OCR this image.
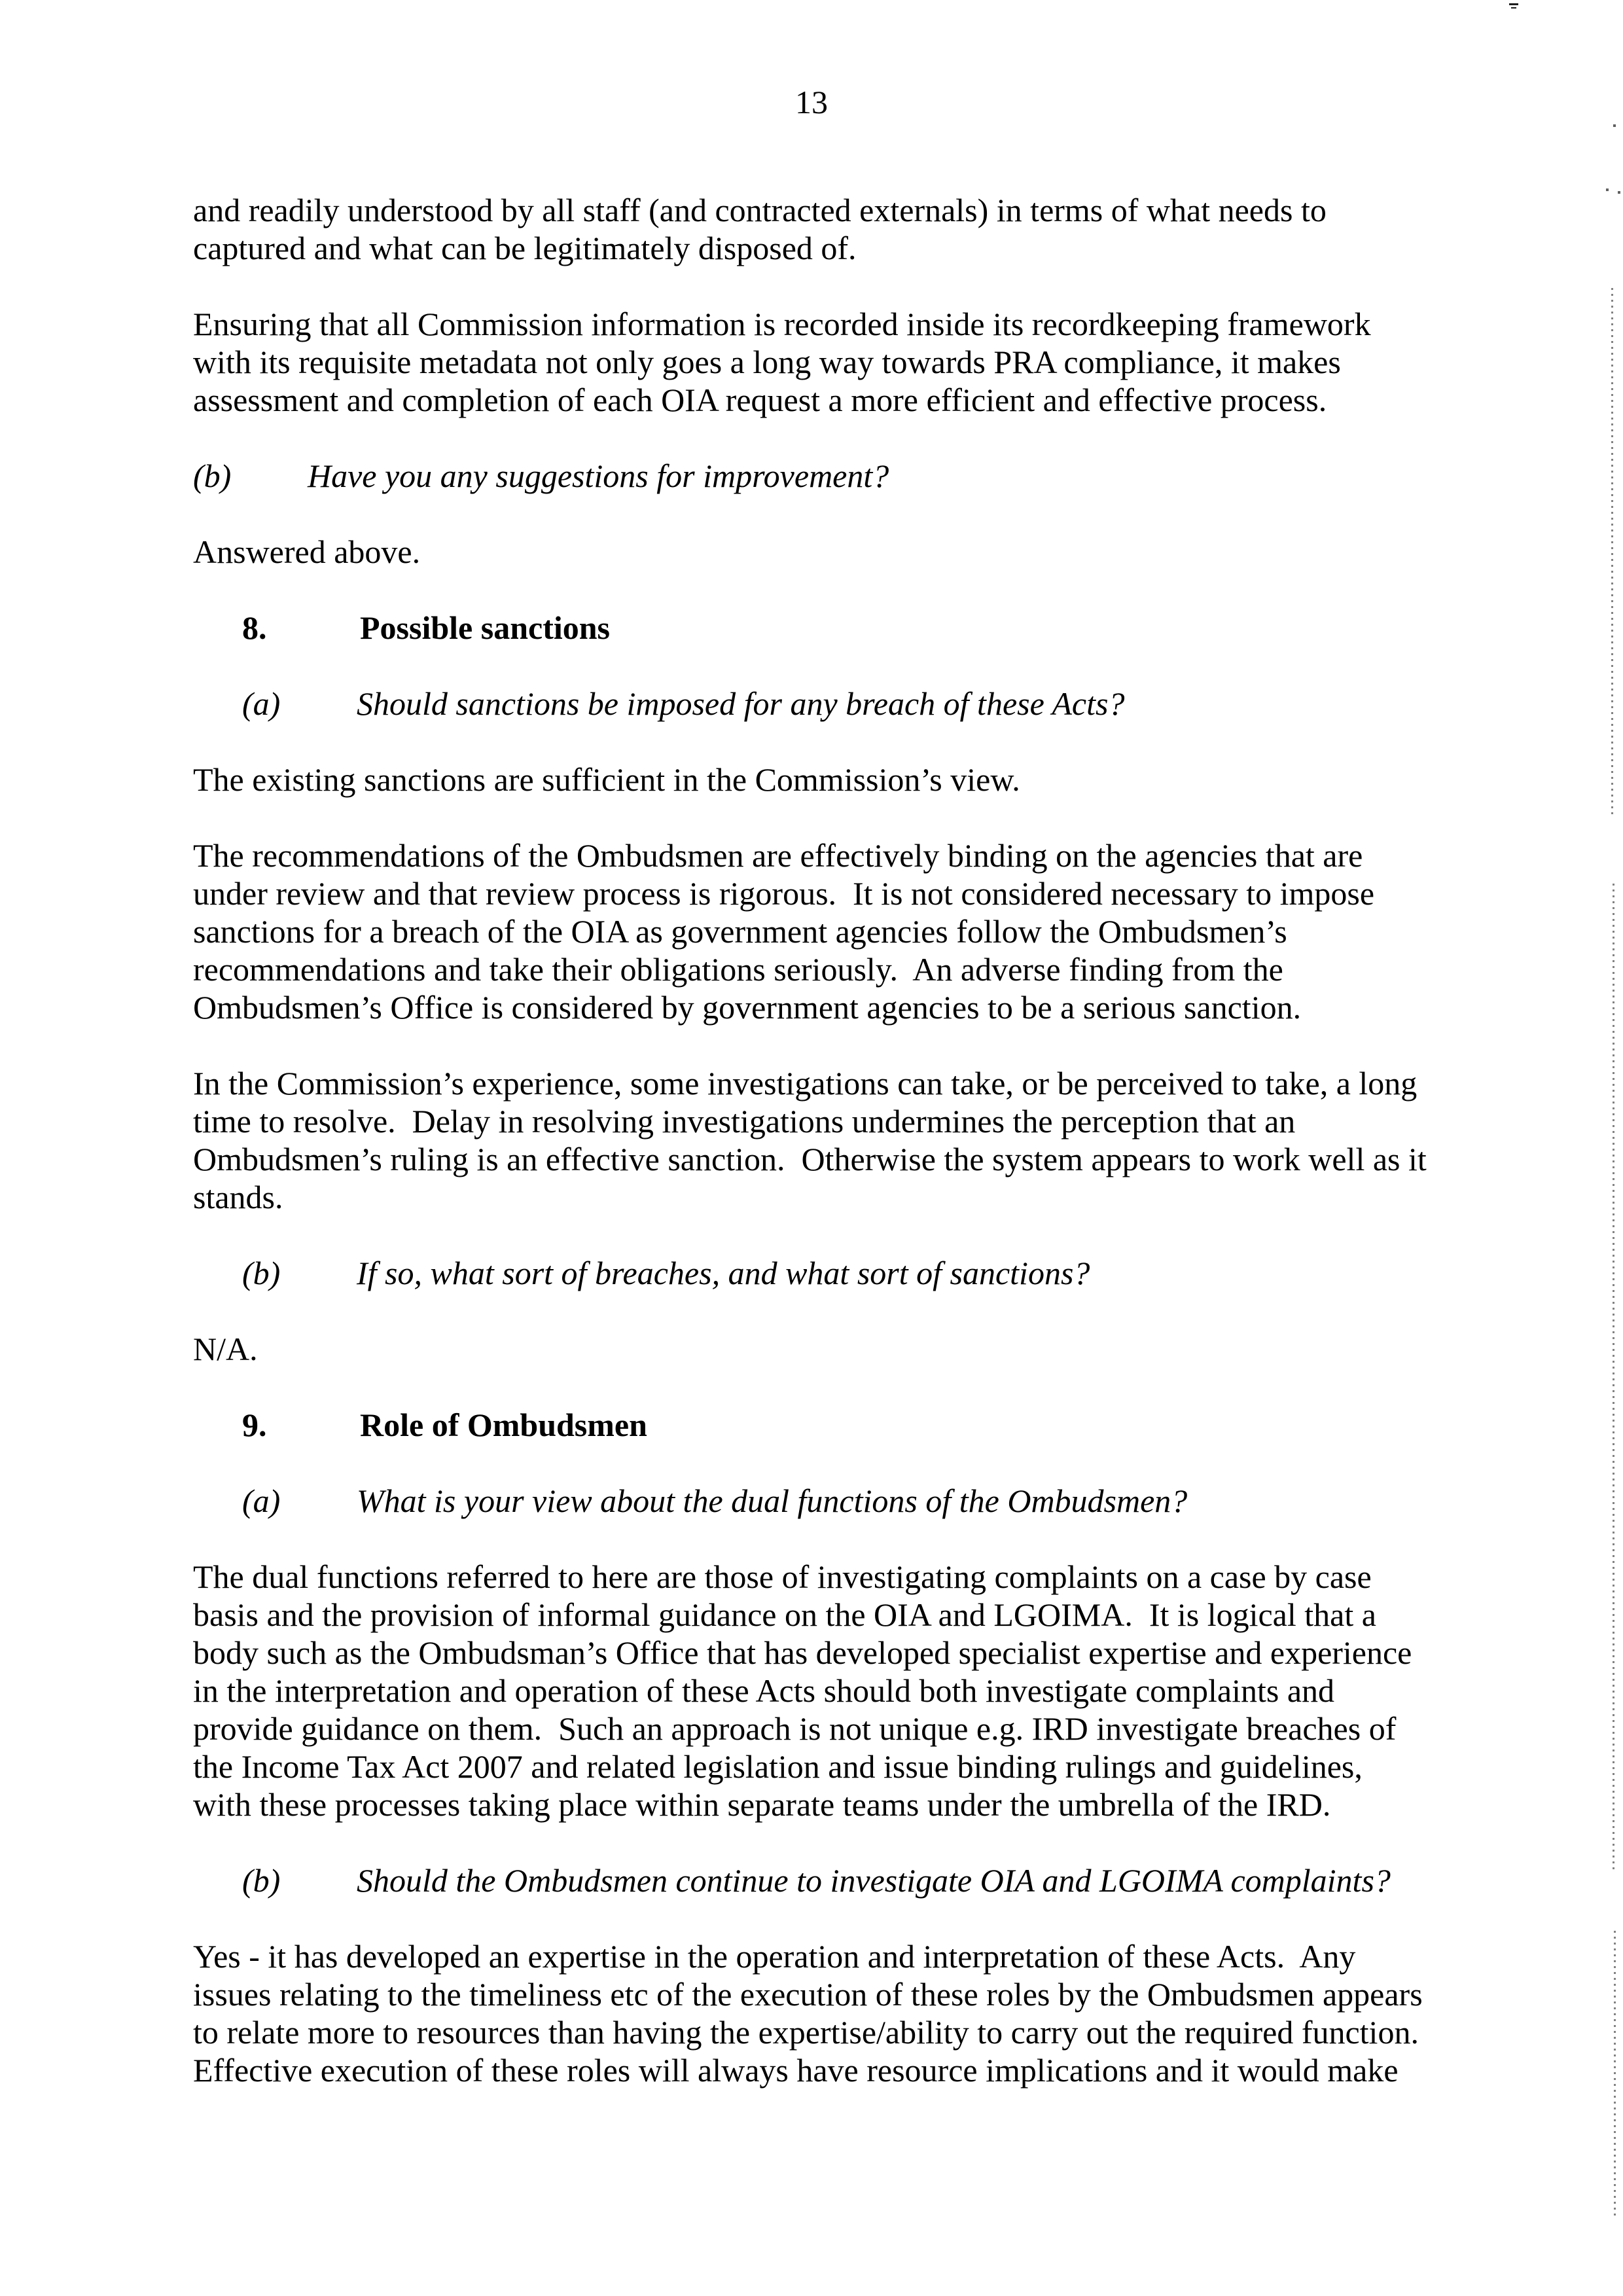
13
and readily understood by all staff (and contracted externals) in terms of what needs to
captured and what can be legitimately disposed of.
Ensuring that all Commission information is recorded inside its recordkeeping framework
with its requisite metadata not only goes a long way towards PRA compliance, it makes
assessment and completion of each OIA request a more efficient and effective process.
(b) Have you any suggestions for improvement?
Answered above.
8.	Possible sanctions
(a) Should sanctions be imposed for any breach of these Acts?
The existing sanctions are sufficient in the Commission’s view.
The recommendations of the Ombudsmen are effectively binding on the agencies that are
under review and that review process is rigorous.  It is not considered necessary to impose
sanctions for a breach of the OIA as government agencies follow the Ombudsmen’s
recommendations and take their obligations seriously.  An adverse finding from the
Ombudsmen’s Office is considered by government agencies to be a serious sanction.
In the Commission’s experience, some investigations can take, or be perceived to take, a long
time to resolve.  Delay in resolving investigations undermines the perception that an
Ombudsmen’s ruling is an effective sanction.  Otherwise the system appears to work well as it
stands.
(b) If so, what sort of breaches, and what sort of sanctions?
N/A.
9.	Role of Ombudsmen
(a) What is your view about the dual functions of the Ombudsmen?
The dual functions referred to here are those of investigating complaints on a case by case
basis and the provision of informal guidance on the OIA and LGOIMA.  It is logical that a
body such as the Ombudsman’s Office that has developed specialist expertise and experience
in the interpretation and operation of these Acts should both investigate complaints and
provide guidance on them.  Such an approach is not unique e.g. IRD investigate breaches of
the Income Tax Act 2007 and related legislation and issue binding rulings and guidelines,
with these processes taking place within separate teams under the umbrella of the IRD.
(b) Should the Ombudsmen continue to investigate OIA and LGOIMA complaints?
Yes - it has developed an expertise in the operation and interpretation of these Acts.  Any
issues relating to the timeliness etc of the execution of these roles by the Ombudsmen appears
to relate more to resources than having the expertise/ability to carry out the required function.
Effective execution of these roles will always have resource implications and it would make
